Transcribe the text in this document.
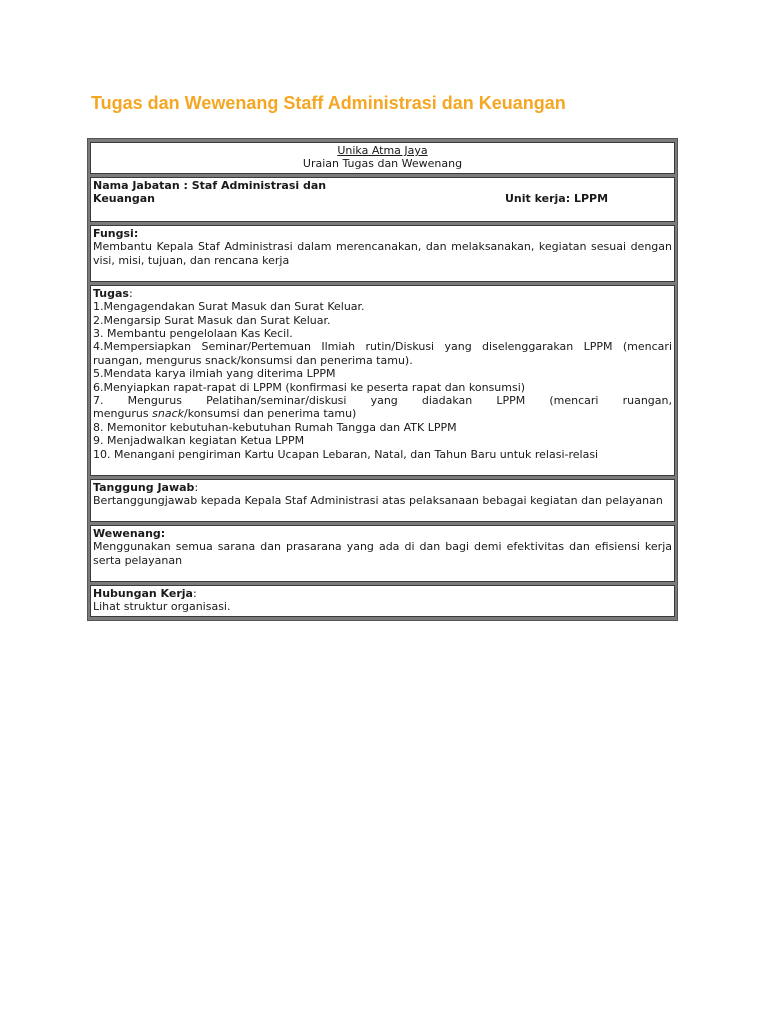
Tugas dan Wewenang Staff Administrasi dan Keuangan
Unika Atma Jaya
Uraian Tugas dan Wewenang

Nama Jabatan : Staf Administrasi dan
Keuangan	Unit kerja: LPPM

Fungsi:
Membantu Kepala Staf Administrasi dalam merencanakan, dan melaksanakan, kegiatan sesuai dengan visi, misi, tujuan, dan rencana kerja

Tugas:
1.Mengagendakan Surat Masuk dan Surat Keluar.
2.Mengarsip Surat Masuk dan Surat Keluar.
3. Membantu pengelolaan Kas Kecil.
4.Mempersiapkan Seminar/Pertemuan Ilmiah rutin/Diskusi yang diselenggarakan LPPM (mencari ruangan, mengurus snack/konsumsi dan penerima tamu).
5.Mendata karya ilmiah yang diterima LPPM
6.Menyiapkan rapat-rapat di LPPM (konfirmasi ke peserta rapat dan konsumsi)
7. Mengurus Pelatihan/seminar/diskusi yang diadakan LPPM (mencari ruangan,
mengurus snack/konsumsi dan penerima tamu)
8. Memonitor kebutuhan-kebutuhan Rumah Tangga dan ATK LPPM
9. Menjadwalkan kegiatan Ketua LPPM
10. Menangani pengiriman Kartu Ucapan Lebaran, Natal, dan Tahun Baru untuk relasi-relasi

Tanggung Jawab:
Bertanggungjawab kepada Kepala Staf Administrasi atas pelaksanaan bebagai kegiatan dan pelayanan

Wewenang:
Menggunakan semua sarana dan prasarana yang ada di dan bagi demi efektivitas dan efisiensi kerja serta pelayanan

Hubungan Kerja:
Lihat struktur organisasi.
